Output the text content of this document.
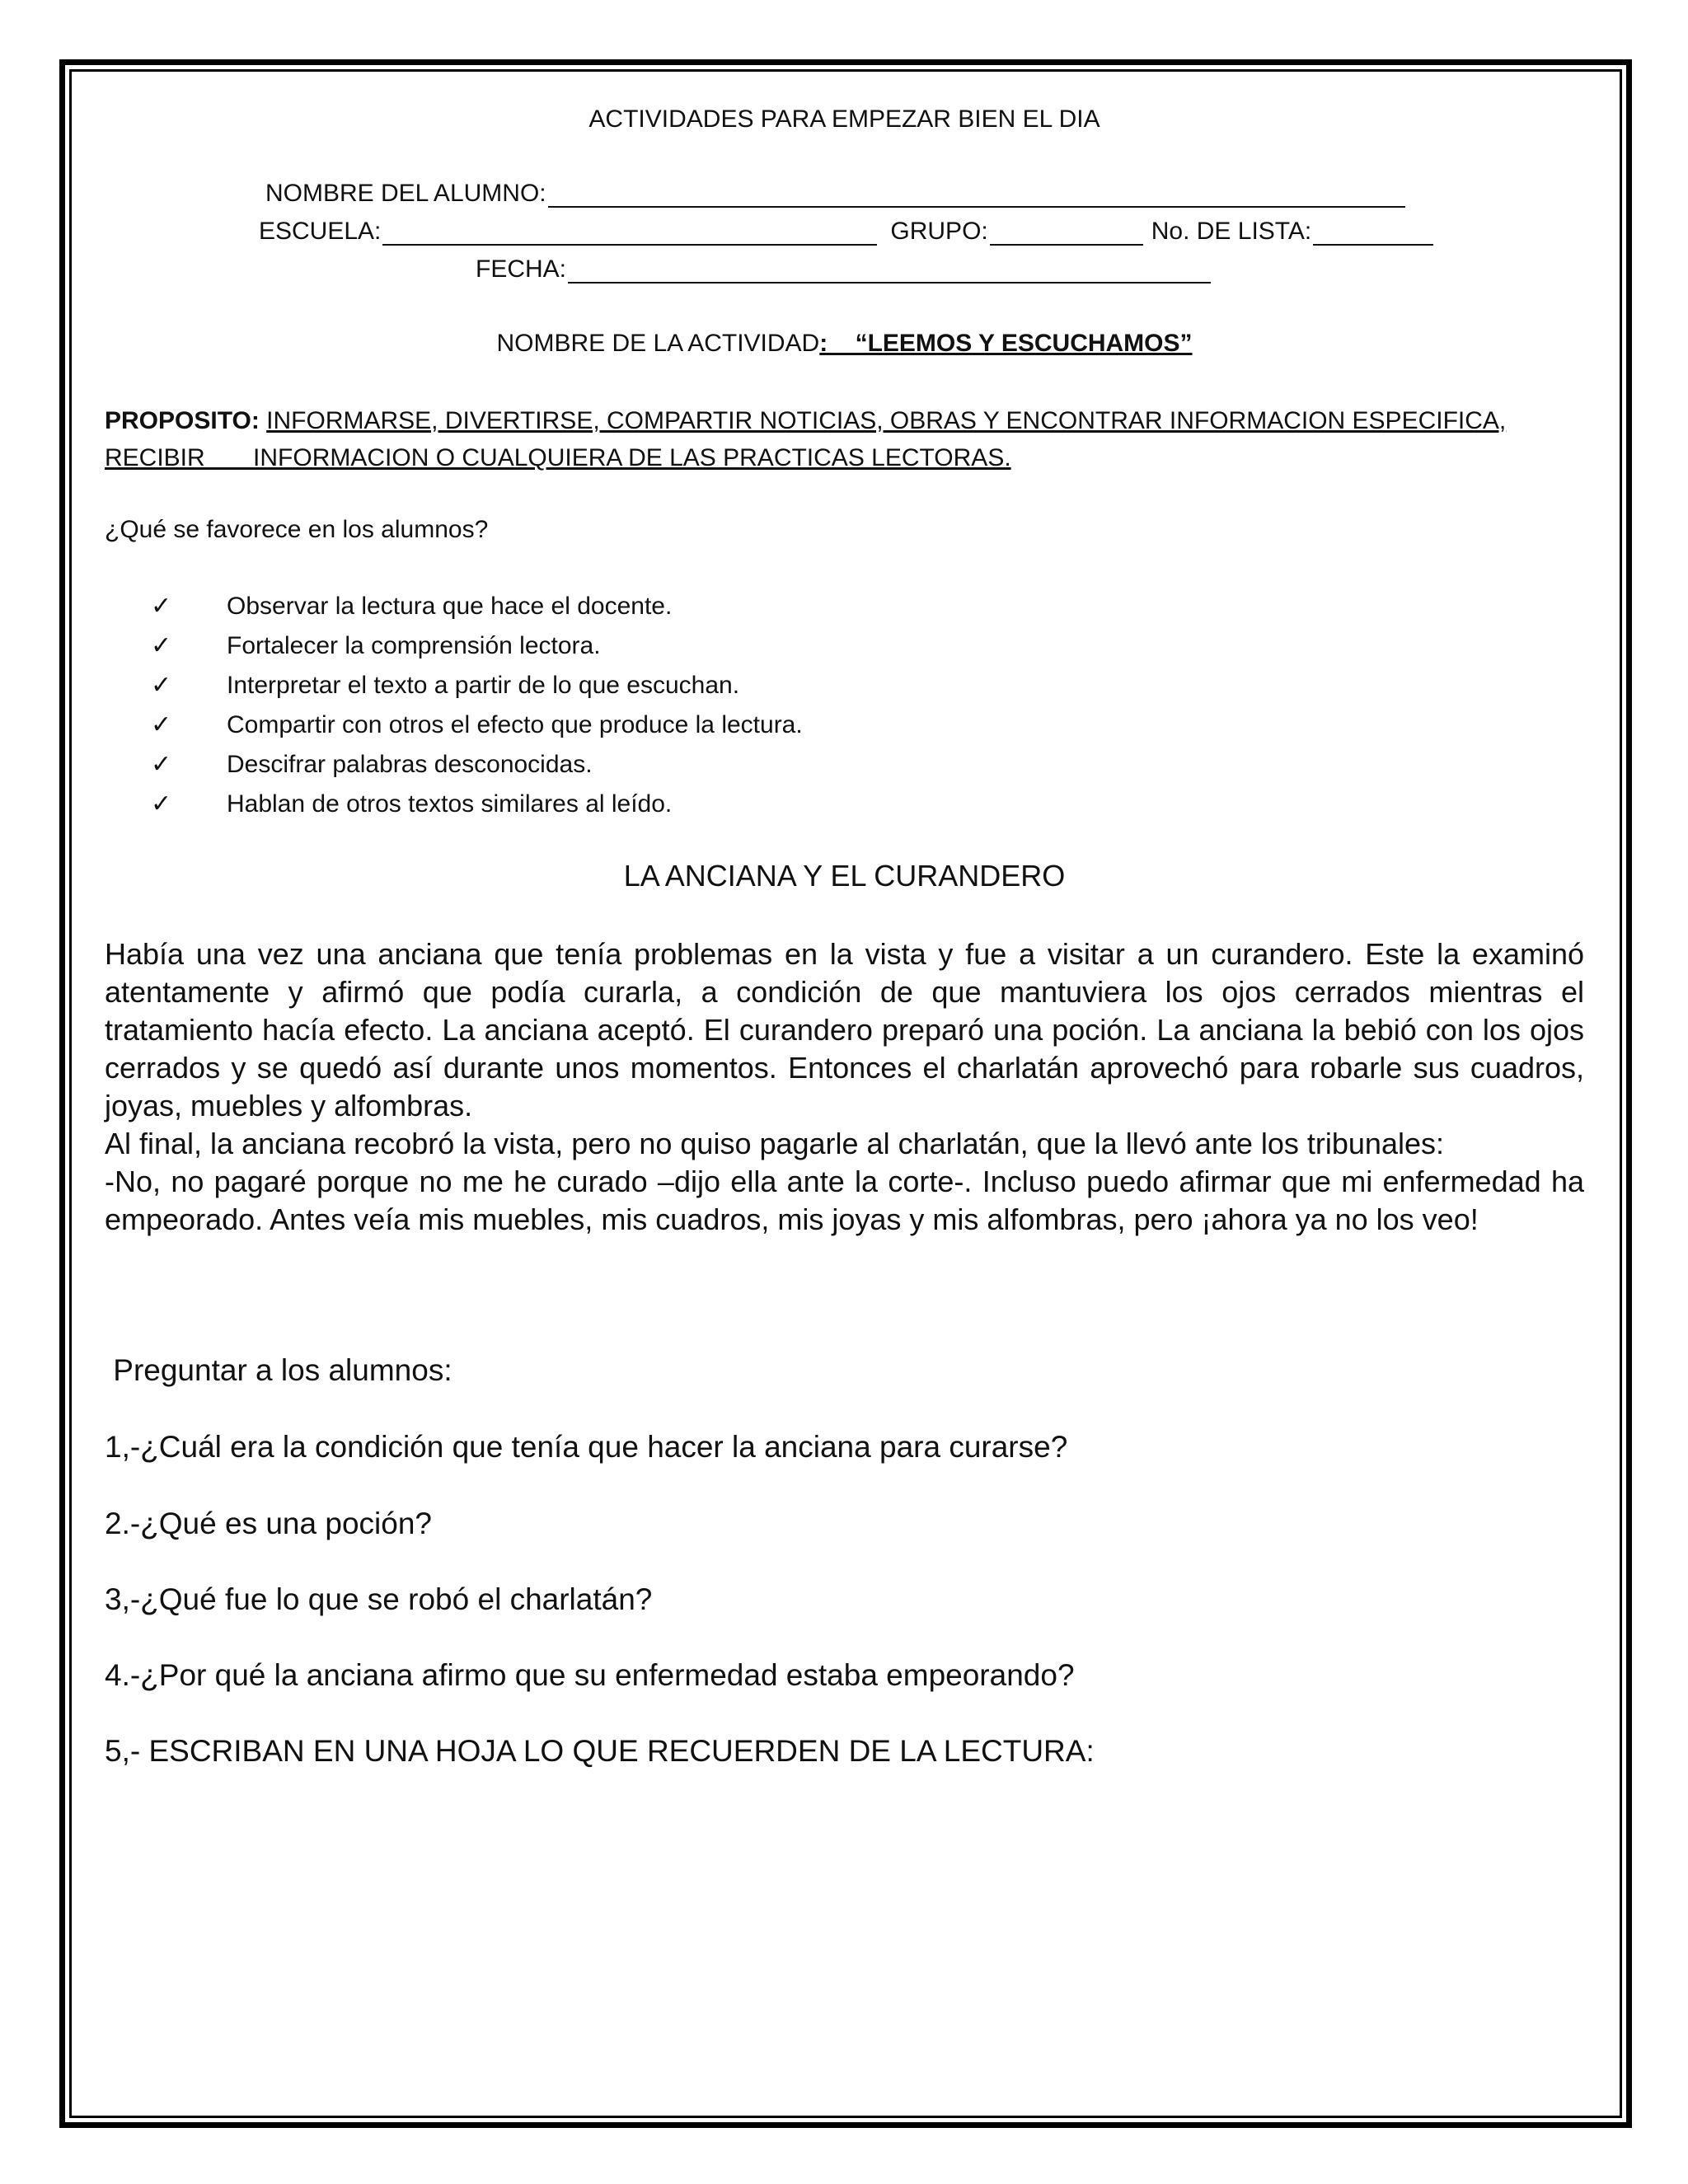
ACTIVIDADES PARA EMPEZAR BIEN EL DIA
NOMBRE DEL ALUMNO:
ESCUELA:	GRUPO:	No. DE LISTA:
FECHA:
NOMBRE DE LA ACTIVIDAD:    “LEEMOS Y ESCUCHAMOS”
PROPOSITO: INFORMARSE, DIVERTIRSE, COMPARTIR NOTICIAS, OBRAS Y ENCONTRAR INFORMACION ESPECIFICA,
RECIBIR       INFORMACION O CUALQUIERA DE LAS PRACTICAS LECTORAS.
¿Qué se favorece en los alumnos?
✓	Observar la lectura que hace el docente.
✓	Fortalecer la comprensión lectora.
✓	Interpretar el texto a partir de lo que escuchan.
✓	Compartir con otros el efecto que produce la lectura.
✓	Descifrar palabras desconocidas.
✓	Hablan de otros textos similares al leído.
LA ANCIANA Y EL CURANDERO

Había una vez una anciana que tenía problemas en la vista y fue a visitar a un curandero. Este la examinó atentamente y afirmó que podía curarla, a condición de que mantuviera los ojos cerrados mientras el tratamiento hacía efecto. La anciana aceptó. El curandero preparó una poción. La anciana la bebió con los ojos cerrados y se quedó así durante unos momentos. Entonces el charlatán aprovechó para robarle sus cuadros, joyas, muebles y alfombras.

Al final, la anciana recobró la vista, pero no quiso pagarle al charlatán, que la llevó ante los tribunales:

-No, no pagaré porque no me he curado –dijo ella ante la corte-. Incluso puedo afirmar que mi enfermedad ha empeorado. Antes veía mis muebles, mis cuadros, mis joyas y mis alfombras, pero ¡ahora ya no los veo!

Preguntar a los alumnos:
1,-¿Cuál era la condición que tenía que hacer la anciana para curarse?
2.-¿Qué es una poción?
3,-¿Qué fue lo que se robó el charlatán?
4.-¿Por qué la anciana afirmo que su enfermedad estaba empeorando?
5,- ESCRIBAN EN UNA HOJA LO QUE RECUERDEN DE LA LECTURA:
